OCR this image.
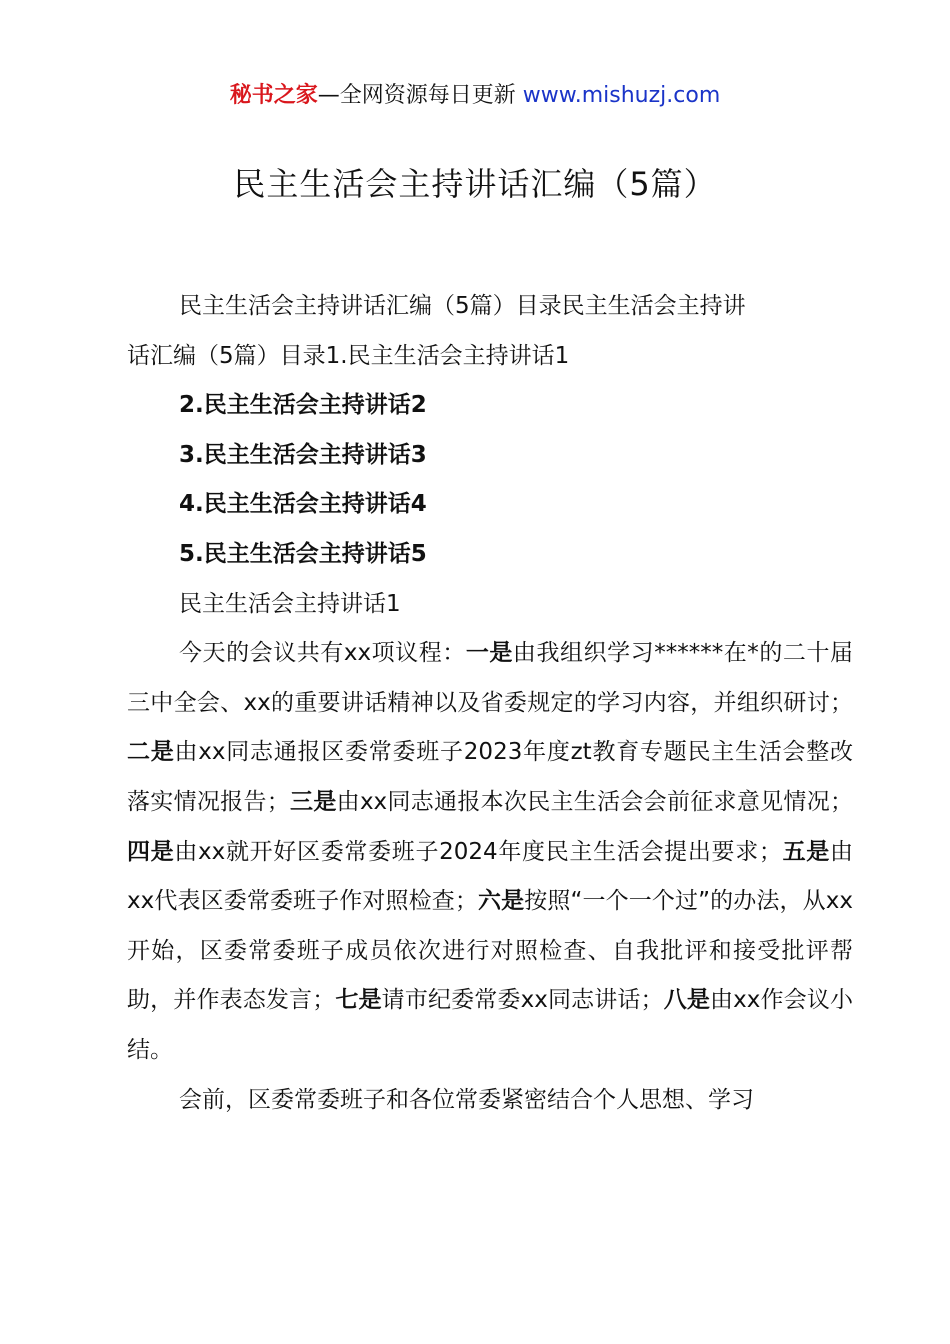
秘书之家—全网资源每日更新 www.mishuzj.com
民主生活会主持讲话汇编（5篇）

民主生活会主持讲话汇编（5篇）目录民主生活会主持讲
话汇编（5篇）目录1.民主生活会主持讲话1

2.民主生活会主持讲话2

3.民主生活会主持讲话3

4.民主生活会主持讲话4

5.民主生活会主持讲话5

民主生活会主持讲话1

今天的会议共有xx项议程：一是由我组织学习******在*的二十届三中全会、xx的重要讲话精神以及省委规定的学习内容，并组织研讨；二是由xx同志通报区委常委班子2023年度zt教育专题民主生活会整改落实情况报告；三是由xx同志通报本次民主生活会会前征求意见情况；四是由xx就开好区委常委班子2024年度民主生活会提出要求；五是由xx代表区委常委班子作对照检查；六是按照“一个一个过”的办法，从xx开始，区委常委班子成员依次进行对照检查、自我批评和接受批评帮助，并作表态发言；七是请市纪委常委xx同志讲话；八是由xx作会议小结。

会前，区委常委班子和各位常委紧密结合个人思想、学习
